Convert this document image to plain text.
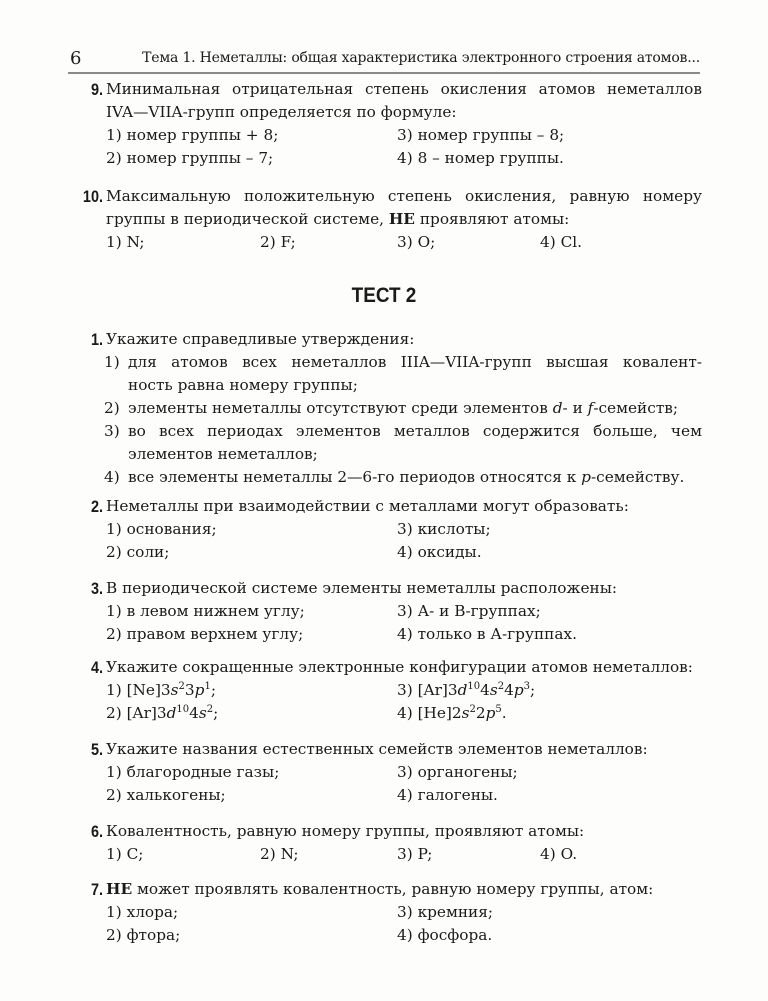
6	Тема 1. Неметаллы: общая характеристика электронного строения атомов...
ТЕСТ 2
9. Минимальная отрицательная степень окисления атомов неметаллов
IVA—VIIA-групп определяется по формуле:
1) номер группы + 8;	3) номер группы – 8;
2) номер группы – 7;	4) 8 – номер группы.
10. Максимальную положительную степень окисления, равную номеру
группы в периодической системе, НЕ проявляют атомы:
1) N;	2) F;	3) O;	4) Cl.
1. Укажите справедливые утверждения:
1) для атомов всех неметаллов IIIA—VIIA-групп высшая ковалент-
ность равна номеру группы;
2) элементы неметаллы отсутствуют среди элементов d- и f-семейств;
3) во всех периодах элементов металлов содержится больше, чем
элементов неметаллов;
4) все элементы неметаллы 2—6-го периодов относятся к p-семейству.
2. Неметаллы при взаимодействии с металлами могут образовать:
1) основания;	3) кислоты;
2) соли;	4) оксиды.
3. В периодической системе элементы неметаллы расположены:
1) в левом нижнем углу;	3) А- и В-группах;
2) правом верхнем углу;	4) только в А-группах.
4. Укажите сокращенные электронные конфигурации атомов неметаллов:
1) $[Ne]3s^23p^1$;	3) $[Ar]3d^{10}4s^24p^3$;
2) $[Ar]3d^{10}4s^2$;	4) $[He]2s^22p^5$.
5. Укажите названия естественных семейств элементов неметаллов:
1) благородные газы;	3) органогены;
2) халькогены;	4) галогены.
6. Ковалентность, равную номеру группы, проявляют атомы:
1) C;	2) N;	3) P;	4) O.
7. НЕ может проявлять ковалентность, равную номеру группы, атом:
1) хлора;	3) кремния;
2) фтора;	4) фосфора.
